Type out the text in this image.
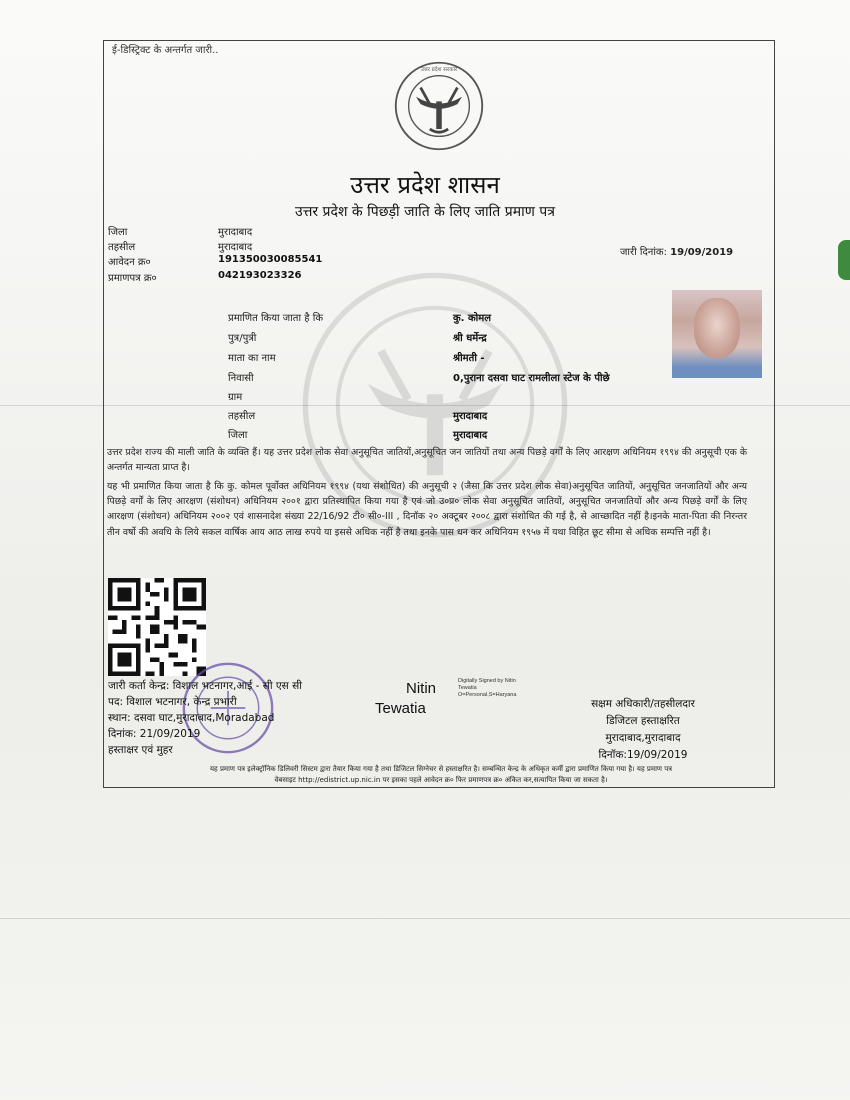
ई-डिस्ट्रिक्ट के अन्तर्गत जारी..
उत्तर प्रदेश सरकार
उत्तर प्रदेश शासन
उत्तर प्रदेश के पिछड़ी जाति के लिए जाति प्रमाण पत्र
जिला	मुरादाबाद
तहसील	मुरादाबाद
आवेदन क्र०	191350030085541
प्रमाणपत्र क्र०	042193023326
जारी दिनांक: 19/09/2019
प्रमाणित किया जाता है कि	कु. कोमल
पुत्र/पुत्री	श्री धर्मेन्द्र
माता का नाम	श्रीमती -
निवासी	0,पुराना दसवा घाट रामलीला स्टेज के पीछे
ग्राम
तहसील	मुरादाबाद
जिला	मुरादाबाद
उत्तर प्रदेश राज्य की माली जाति के व्यक्ति हैं। यह उत्तर प्रदेश लोक सेवा अनुसूचित जातियों,अनुसूचित जन जातियों तथा अन्य पिछड़े वर्गों के लिए आरक्षण अधिनियम १९९४ की अनुसूची एक के अन्तर्गत मान्यता प्राप्त है।
यह भी प्रमाणित किया जाता है कि कु. कोमल पूर्वोक्त अधिनियम १९९४ (यथा संशोधित) की अनुसूची २ (जैसा कि उत्तर प्रदेश लोक सेवा)अनुसूचित जातियों, अनुसूचित जनजातियों और अन्य पिछड़े वर्गों के लिए आरक्षण (संशोधन) अधिनियम २००१ द्वारा प्रतिस्थापित किया गया है एवं जो उ०प्र० लोक सेवा अनुसूचित जातियों, अनुसूचित जनजातियों और अन्य पिछड़े वर्गों के लिए आरक्षण (संशोधन) अधिनियम २००२ एवं शासनादेश संख्या 22/16/92 टी० सी०-III , दिनॉक २० अक्टूबर २००८ द्वारा संशोधित की गई है, से आच्छादित नहीं है।इनके माता-पिता की निरन्तर तीन वर्षो की अवधि के लिये सकल वार्षिक आय आठ लाख रुपये या इससे अधिक नहीं है तथा इनके पास धन कर अधिनियम १९५७ में यथा विहित छूट सीमा से अधिक सम्पत्ति नहीं है।
जारी कर्ता केन्द्र: विशाल भटनागर,आई - सी एस सी
पद: विशाल भटनागर, केन्द्र प्रभारी
स्थान: दसवा घाट,मुरादाबाद,Moradabad
दिनांक: 21/09/2019
हस्ताक्षर एवं मुहर
Nitin
Tewatia
Digitally Signed by Nitin
Tewatia
O=Personal,S=Haryana
सक्षम अधिकारी/तहसीलदार
डिजिटल हस्ताक्षरित
मुरादाबाद,मुरादाबाद
दिनॉक:19/09/2019
यह प्रमाण पत्र इलेक्ट्रॉनिक डिलिवरी सिस्टम द्वारा तैयार किया गया है तथा डिजिटल सिग्नेचर से हस्ताक्षरित है। सम्बन्धित केन्द्र के अधिकृत कर्मी द्वारा प्रमाणित किया गया है। यह प्रमाण पत्र
वेबसाइट http://edistrict.up.nic.in पर इसका पहले आवेदन क्र० फिर प्रमाणपत्र क्र० अंकित कर,सत्यापित किया जा सकता है।
